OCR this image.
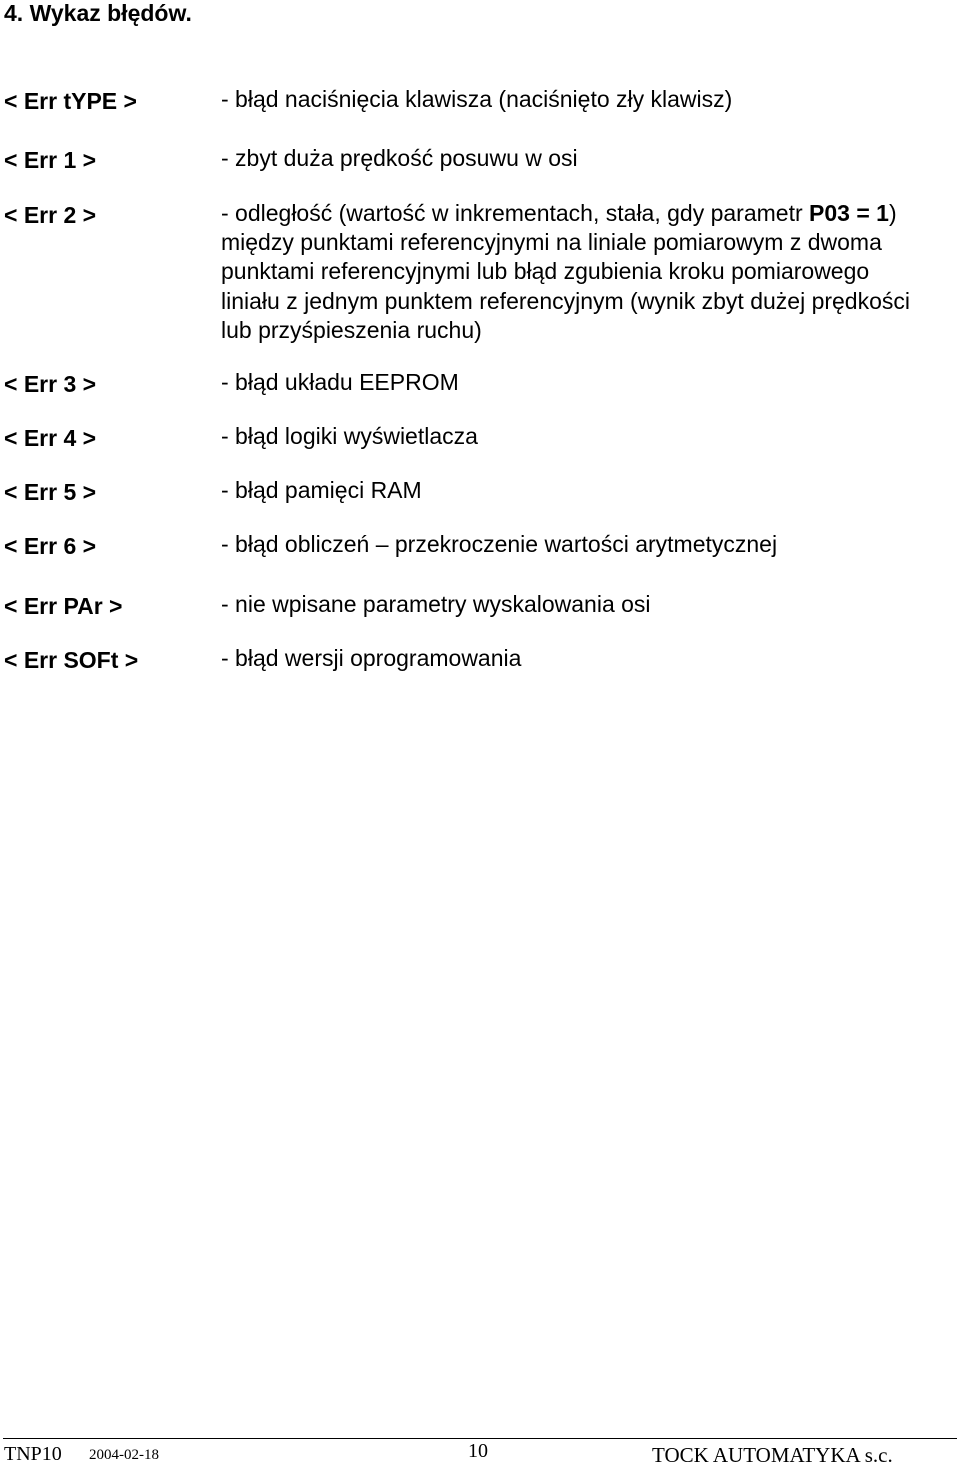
4. Wykaz błędów.
< Err tYPE >	- błąd naciśnięcia klawisza (naciśnięto zły klawisz)
< Err 1 >	- zbyt duża prędkość posuwu w osi
< Err 2 >	- odległość (wartość w inkrementach, stała, gdy parametr P03 = 1)
między punktami referencyjnymi na liniale pomiarowym z dwoma
punktami referencyjnymi lub błąd zgubienia kroku pomiarowego
liniału z jednym punktem referencyjnym (wynik zbyt dużej prędkości
lub przyśpieszenia ruchu)
< Err 3 >	- błąd układu EEPROM
< Err 4 >	- błąd logiki wyświetlacza
< Err 5 >	- błąd pamięci RAM
< Err 6 >	- błąd obliczeń – przekroczenie wartości arytmetycznej
< Err PAr >	- nie wpisane parametry wyskalowania osi
< Err SOFt >	- błąd wersji oprogramowania
TNP10 2004-02-18	10	TOCK AUTOMATYKA s.c.
